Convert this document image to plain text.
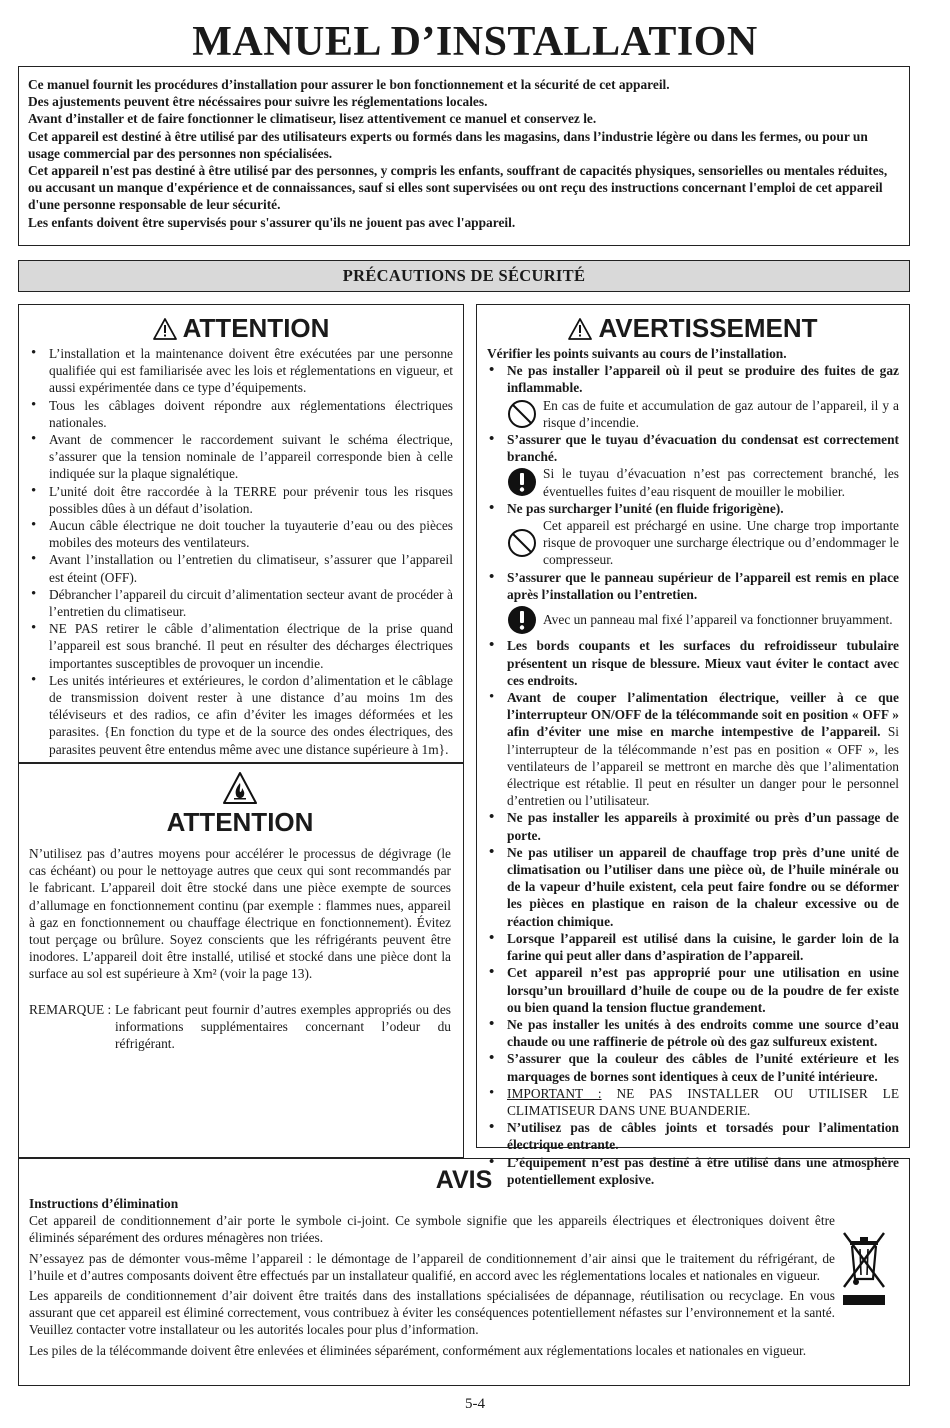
MANUEL D’INSTALLATION

Ce manuel fournit les procédures d’installation pour assurer le bon fonctionnement et la sécurité de cet appareil.

Des ajustements peuvent être nécéssaires pour suivre les réglementations locales.

Avant d’installer et de faire fonctionner le climatiseur, lisez attentivement ce manuel et conservez le.

Cet appareil est destiné à être utilisé par des utilisateurs experts ou formés dans les magasins, dans l’industrie légère ou dans les fermes, ou pour un usage commercial par des personnes non spécialisées.

Cet appareil n'est pas destiné à être utilisé par des personnes, y compris les enfants, souffrant de capacités physiques, sensorielles ou mentales réduites, ou accusant un manque d'expérience et de connaissances, sauf si elles sont supervisées ou ont reçu des instructions concernant l'emploi de cet appareil d'une personne responsable de leur sécurité.

Les enfants doivent être supervisés pour s'assurer qu'ils ne jouent pas avec l'appareil.

PRÉCAUTIONS DE SÉCURITÉ
ATTENTION
• L’installation et la maintenance doivent être exécutées par une personne qualifiée qui est familiarisée avec les lois et réglementations en vigueur, et aussi expérimentée dans ce type d’équipements.
• Tous les câblages doivent répondre aux réglementations électriques nationales.
• Avant de commencer le raccordement suivant le schéma électrique, s’assurer que la tension nominale de l’appareil corresponde bien à celle indiquée sur la plaque signalétique.
• L’unité doit être raccordée à la TERRE pour prévenir tous les risques possibles dûes à un défaut d’isolation.
• Aucun câble électrique ne doit toucher la tuyauterie d’eau ou des pièces mobiles des moteurs des ventilateurs.
• Avant l’installation ou l’entretien du climatiseur, s’assurer que l’appareil est éteint (OFF).
• Débrancher l’appareil du circuit d’alimentation secteur avant de procéder à l’entretien du climatiseur.
• NE PAS retirer le câble d’alimentation électrique de la prise quand l’appareil est sous branché. Il peut en résulter des décharges électriques importantes susceptibles de provoquer un incendie.
• Les unités intérieures et extérieures, le cordon d’alimentation et le câblage de transmission doivent rester à une distance d’au moins 1m des téléviseurs et des radios, ce afin d’éviter les images déformées et les parasites. {En fonction du type et de la source des ondes électriques, des parasites peuvent être entendus même avec une distance supérieure à 1m}.
ATTENTION
N’utilisez pas d’autres moyens pour accélérer le processus de dégivrage (le cas échéant) ou pour le nettoyage autres que ceux qui sont recommandés par le fabricant. L’appareil doit être stocké dans une pièce exempte de sources d’allumage en fonctionnement continu (par exemple : flammes nues, appareil à gaz en fonctionnement ou chauffage électrique en fonctionnement). Évitez tout perçage ou brûlure. Soyez conscients que les réfrigérants peuvent être inodores. L’appareil doit être installé, utilisé et stocké dans une pièce dont la surface au sol est supérieure à Xm² (voir la page 13).
REMARQUE : Le fabricant peut fournir d’autres exemples appropriés ou des informations supplémentaires concernant l’odeur du réfrigérant.
AVERTISSEMENT
Vérifier les points suivants au cours de l’installation.
• Ne pas installer l’appareil où il peut se produire des fuites de gaz inflammable.
En cas de fuite et accumulation de gaz autour de l’appareil, il y a risque d’incendie.
• S’assurer que le tuyau d’évacuation du condensat est correctement branché.
Si le tuyau d’évacuation n’est pas correctement branché, les éventuelles fuites d’eau risquent de mouiller le mobilier.
• Ne pas surcharger l’unité (en fluide frigorigène).
Cet appareil est préchargé en usine. Une charge trop importante risque de provoquer une surcharge électrique ou d’endommager le compresseur.
• S’assurer que le panneau supérieur de l’appareil est remis en place après l’installation ou l’entretien.
Avec un panneau mal fixé l’appareil va fonctionner bruyamment.
• Les bords coupants et les surfaces du refroidisseur tubulaire présentent un risque de blessure. Mieux vaut éviter le contact avec ces endroits.
• Avant de couper l’alimentation électrique, veiller à ce que l’interrupteur ON/OFF de la télécommande soit en position « OFF » afin d’éviter une mise en marche intempestive de l’appareil. Si l’interrupteur de la télécommande n’est pas en position « OFF », les ventilateurs de l’appareil se mettront en marche dès que l’alimentation électrique est rétablie. Il peut en résulter un danger pour le personnel d’entretien ou l’utilisateur.
• Ne pas installer les appareils à proximité ou près d’un passage de porte.
• Ne pas utiliser un appareil de chauffage trop près d’une unité de climatisation ou l’utiliser dans une pièce où, de l’huile minérale ou de la vapeur d’huile existent, cela peut faire fondre ou se déformer les pièces en plastique en raison de la chaleur excessive ou de réaction chimique.
• Lorsque l’appareil est utilisé dans la cuisine, le garder loin de la farine qui peut aller dans d’aspiration de l’appareil.
• Cet appareil n’est pas approprié pour une utilisation en usine lorsqu’un brouillard d’huile de coupe ou de la poudre de fer existe ou bien quand la tension fluctue grandement.
• Ne pas installer les unités à des endroits comme une source d’eau chaude ou une raffinerie de pétrole où des gaz sulfureux existent.
• S’assurer que la couleur des câbles de l’unité extérieure et les marquages de bornes sont identiques à ceux de l’unité intérieure.
• IMPORTANT : NE PAS INSTALLER OU UTILISER LE CLIMATISEUR DANS UNE BUANDERIE.
• N’utilisez pas de câbles joints et torsadés pour l’alimentation électrique entrante.
• L’équipement n’est pas destiné à être utilisé dans une atmosphère potentiellement explosive.
AVIS

Instructions d’élimination

Cet appareil de conditionnement d’air porte le symbole ci-joint. Ce symbole signifie que les appareils électriques et électroniques doivent être éliminés séparément des ordures ménagères non triées.

N’essayez pas de démonter vous-même l’appareil : le démontage de l’appareil de conditionnement d’air ainsi que le traitement du réfrigérant, de l’huile et d’autres composants doivent être effectués par un installateur qualifié, en accord avec les réglementations locales et nationales en vigueur.

Les appareils de conditionnement d’air doivent être traités dans des installations spécialisées de dépannage, réutilisation ou recyclage. En vous assurant que cet appareil est éliminé correctement, vous contribuez à éviter les conséquences potentiellement néfastes sur l’environnement et la santé. Veuillez contacter votre installateur ou les autorités locales pour plus d’information.

Les piles de la télécommande doivent être enlevées et éliminées séparément, conformément aux réglementations locales et nationales en vigueur.

5-4
